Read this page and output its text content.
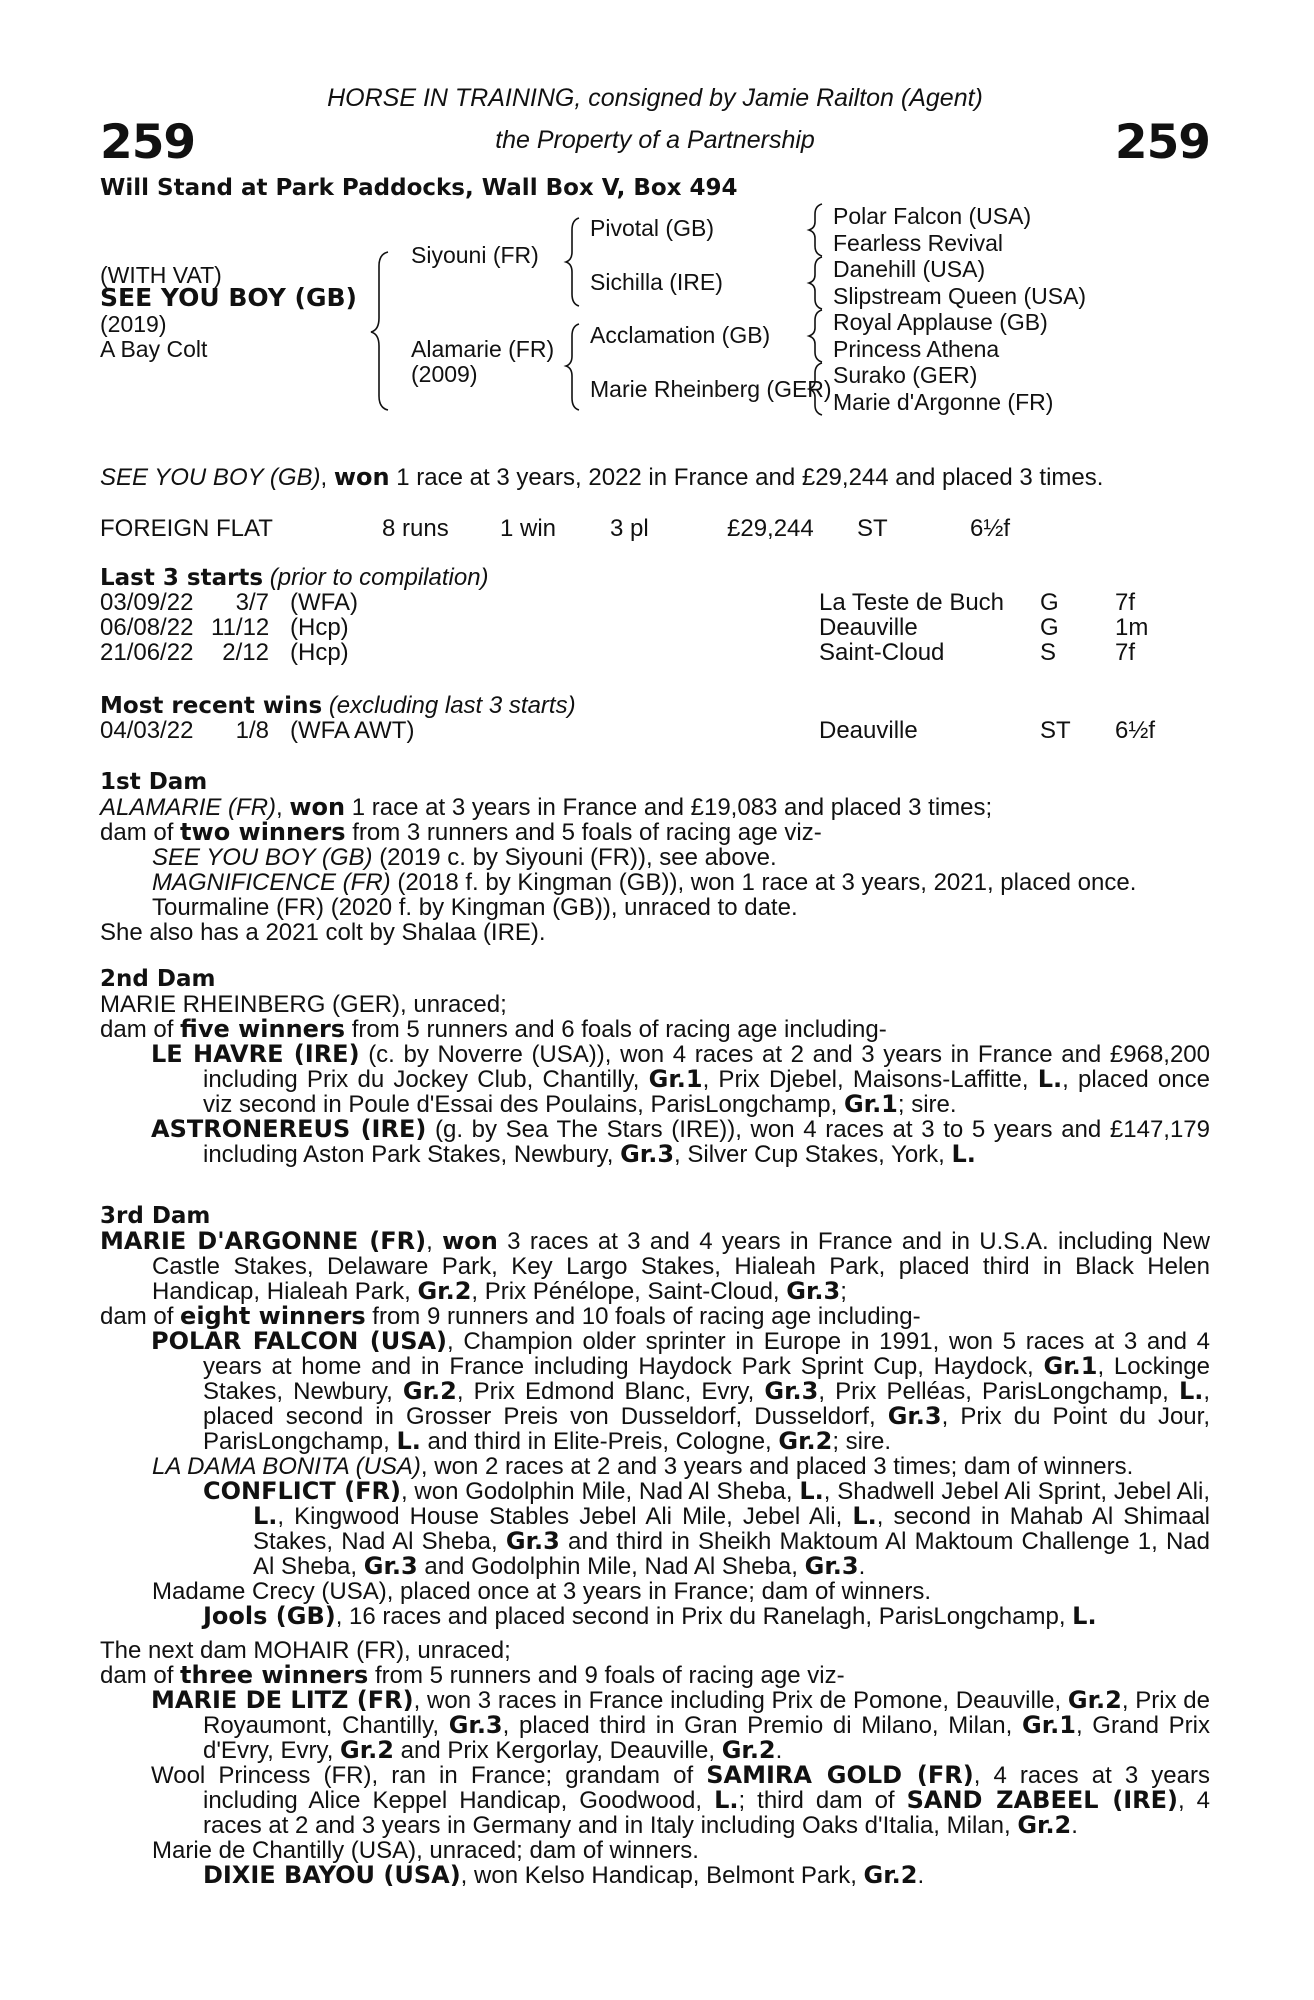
259	259
HORSE IN TRAINING, consigned by Jamie Railton (Agent)
the Property of a Partnership
Will Stand at Park Paddocks, Wall Box V, Box 494
(WITH VAT)
SEE YOU BOY (GB)
(2019)
A Bay Colt
Siyouni (FR)
Alamarie (FR)
(2009)
Pivotal (GB)
Sichilla (IRE)
Acclamation (GB)
Marie Rheinberg (GER)
Polar Falcon (USA)
Fearless Revival
Danehill (USA)
Slipstream Queen (USA)
Royal Applause (GB)
Princess Athena
Surako (GER)
Marie d'Argonne (FR)
SEE YOU BOY (GB), won 1 race at 3 years, 2022 in France and £29,244 and placed 3 times.
FOREIGN FLAT	8 runs 1 win 3 pl	£29,244 ST	6½f
Last 3 starts (prior to compilation)
03/09/22	3/7 (WFA)	La Teste de Buch G 7f
06/08/22 11/12 (Hcp)	Deauville	G 1m
21/06/22	2/12 (Hcp)	Saint-Cloud	S 7f
Most recent wins (excluding last 3 starts)
04/03/22	1/8 (WFA AWT)	Deauville	ST 6½f
1st Dam
ALAMARIE (FR), won 1 race at 3 years in France and £19,083 and placed 3 times;
dam of two winners from 3 runners and 5 foals of racing age viz-
SEE YOU BOY (GB) (2019 c. by Siyouni (FR)), see above.
MAGNIFICENCE (FR) (2018 f. by Kingman (GB)), won 1 race at 3 years, 2021, placed once.
Tourmaline (FR) (2020 f. by Kingman (GB)), unraced to date.
She also has a 2021 colt by Shalaa (IRE).
2nd Dam
MARIE RHEINBERG (GER), unraced;
dam of five winners from 5 runners and 6 foals of racing age including-
LE HAVRE (IRE) (c. by Noverre (USA)), won 4 races at 2 and 3 years in France and £968,200 including Prix du Jockey Club, Chantilly, Gr.1, Prix Djebel, Maisons-Laffitte, L., placed once viz second in Poule d'Essai des Poulains, ParisLongchamp, Gr.1; sire.
ASTRONEREUS (IRE) (g. by Sea The Stars (IRE)), won 4 races at 3 to 5 years and £147,179 including Aston Park Stakes, Newbury, Gr.3, Silver Cup Stakes, York, L.
3rd Dam
MARIE D'ARGONNE (FR), won 3 races at 3 and 4 years in France and in U.S.A. including New Castle Stakes, Delaware Park, Key Largo Stakes, Hialeah Park, placed third in Black Helen Handicap, Hialeah Park, Gr.2, Prix Pénélope, Saint-Cloud, Gr.3;
dam of eight winners from 9 runners and 10 foals of racing age including-
POLAR FALCON (USA), Champion older sprinter in Europe in 1991, won 5 races at 3 and 4 years at home and in France including Haydock Park Sprint Cup, Haydock, Gr.1, Lockinge Stakes, Newbury, Gr.2, Prix Edmond Blanc, Evry, Gr.3, Prix Pelléas, ParisLongchamp, L., placed second in Grosser Preis von Dusseldorf, Dusseldorf, Gr.3, Prix du Point du Jour, ParisLongchamp, L. and third in Elite-Preis, Cologne, Gr.2; sire.
LA DAMA BONITA (USA), won 2 races at 2 and 3 years and placed 3 times; dam of winners.
CONFLICT (FR), won Godolphin Mile, Nad Al Sheba, L., Shadwell Jebel Ali Sprint, Jebel Ali, L., Kingwood House Stables Jebel Ali Mile, Jebel Ali, L., second in Mahab Al Shimaal Stakes, Nad Al Sheba, Gr.3 and third in Sheikh Maktoum Al Maktoum Challenge 1, Nad Al Sheba, Gr.3 and Godolphin Mile, Nad Al Sheba, Gr.3.
Madame Crecy (USA), placed once at 3 years in France; dam of winners.
Jools (GB), 16 races and placed second in Prix du Ranelagh, ParisLongchamp, L.
The next dam MOHAIR (FR), unraced;
dam of three winners from 5 runners and 9 foals of racing age viz-
MARIE DE LITZ (FR), won 3 races in France including Prix de Pomone, Deauville, Gr.2, Prix de Royaumont, Chantilly, Gr.3, placed third in Gran Premio di Milano, Milan, Gr.1, Grand Prix d'Evry, Evry, Gr.2 and Prix Kergorlay, Deauville, Gr.2.
Wool Princess (FR), ran in France; grandam of SAMIRA GOLD (FR), 4 races at 3 years including Alice Keppel Handicap, Goodwood, L.; third dam of SAND ZABEEL (IRE), 4 races at 2 and 3 years in Germany and in Italy including Oaks d'Italia, Milan, Gr.2.
Marie de Chantilly (USA), unraced; dam of winners.
DIXIE BAYOU (USA), won Kelso Handicap, Belmont Park, Gr.2.
